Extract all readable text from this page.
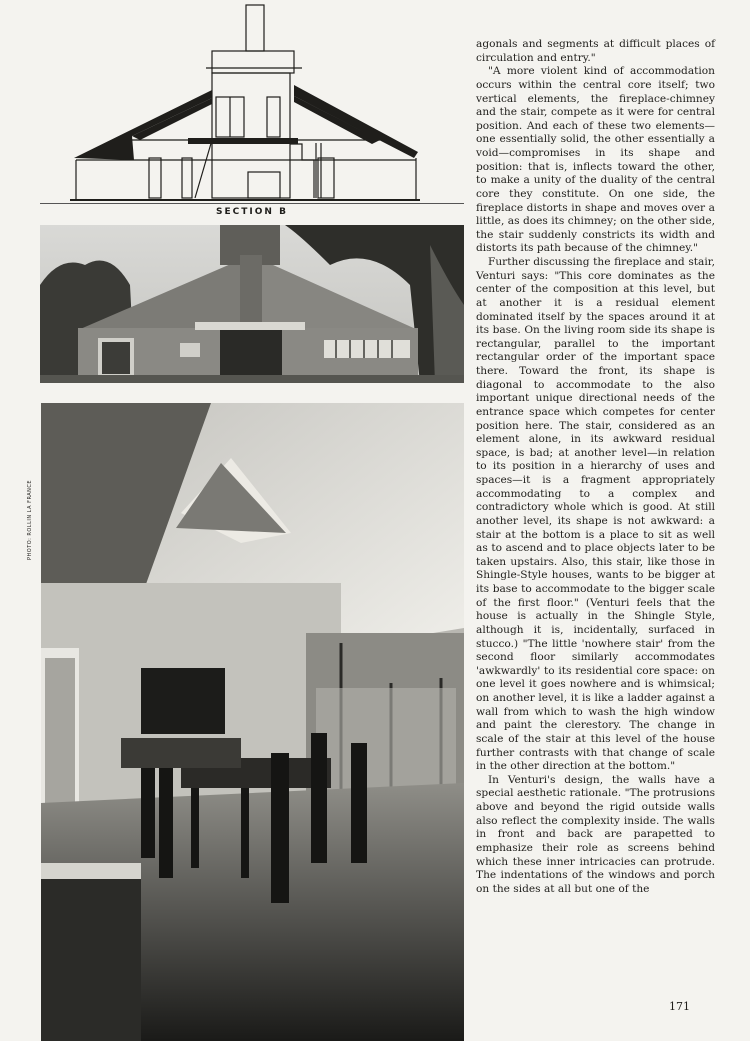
SECTION B
PHOTO: ROLLIN LA FRANCE

agonals and segments at difficult places of circulation and entry."

"A more violent kind of accommodation occurs within the central core itself; two vertical elements, the fireplace-chimney and the stair, compete as it were for central position. And each of these two elements—one essentially solid, the other essentially a void—compromises in its shape and position: that is, inflects toward the other, to make a unity of the duality of the central core they constitute. On one side, the fireplace distorts in shape and moves over a little, as does its chimney; on the other side, the stair suddenly constricts its width and distorts its path because of the chimney."

Further discussing the fireplace and stair, Venturi says: "This core dominates as the center of the composition at this level, but at another it is a residual element dominated itself by the spaces around it at its base. On the living room side its shape is rectangular, parallel to the important rectangular order of the important space there. Toward the front, its shape is diagonal to accommodate to the also important unique directional needs of the entrance space which competes for center position here. The stair, considered as an element alone, in its awkward residual space, is bad; at another level—in relation to its position in a hierarchy of uses and spaces—it is a fragment appropriately accommodating to a complex and contradictory whole which is good. At still another level, its shape is not awkward: a stair at the bottom is a place to sit as well as to ascend and to place objects later to be taken upstairs. Also, this stair, like those in Shingle-Style houses, wants to be bigger at its base to accommodate to the bigger scale of the first floor." (Venturi feels that the house is actually in the Shingle Style, although it is, incidentally, surfaced in stucco.) "The little 'nowhere stair' from the second floor similarly accommodates 'awkwardly' to its residential core space: on one level it goes nowhere and is whimsical; on another level, it is like a ladder against a wall from which to wash the high window and paint the clerestory. The change in scale of the stair at this level of the house further contrasts with that change of scale in the other direction at the bottom."

In Venturi's design, the walls have a special aesthetic rationale. "The protrusions above and beyond the rigid outside walls also reflect the complexity inside. The walls in front and back are parapetted to emphasize their role as screens behind which these inner intricacies can protrude. The indentations of the windows and porch on the sides at all but one of the

171
